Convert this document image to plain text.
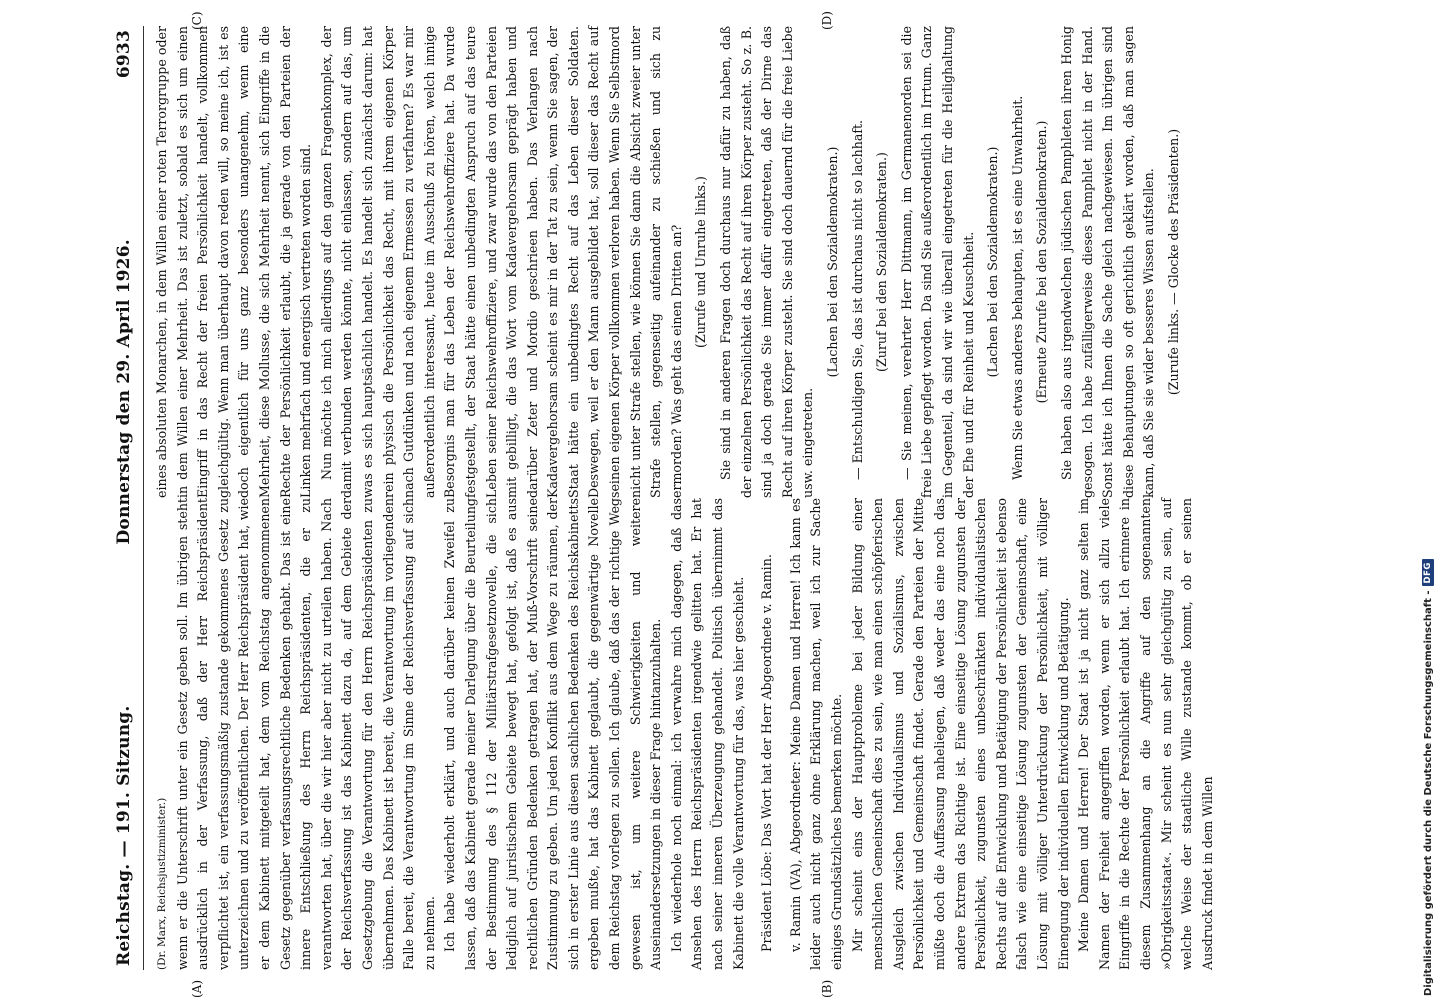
Reichstag. — 191. Sitzung.
Donnerstag den 29. April 1926.
6933

(Dr. Marx, Reichsjustizminister.) wenn er die Unterschrift unter ein Gesetz geben soll. Im übrigen steht ausdrücklich in der Verfassung, daß der Herr Reichspräsident verpflichtet ist, ein verfassungsmäßig zustande gekommenes Gesetz zu unterzeichnen und zu veröffentlichen. Der Herr Reichspräsident hat, wie er dem Kabinett mitgeteilt hat, dem vom Reichstag angenommenen Gesetz gegenüber verfassungsrechtliche Bedenken gehabt. Das ist eine innere Entschließung des Herrn Reichspräsidenten, die er zu verantworten hat, über die wir hier aber nicht zu urteilen haben. Nach der Reichsverfassung ist das Kabinett dazu da, auf dem Gebiete der Gesetzgebung die Verantwortung für den Herrn Reichspräsidenten zu übernehmen. Das Kabinett ist bereit, die Verantwortung im vorliegenden Falle bereit, die Verantwortung im Sinne der Reichsverfassung auf sich zu nehmen. Ich habe wiederholt erklärt, und auch darüber keinen Zweifel zu lassen, daß das Kabinett gerade meiner Darlegung über die Beurteilung der Bestimmung des § 112 der Militärstrafgesetznovelle, die sich lediglich auf juristischem Gebiete bewegt hat, gefolgt ist, daß es aus rechtlichen Gründen Bedenken getragen hat, der Muß-Vorschrift seine Zustimmung zu geben. Um jeden Konflikt aus dem Wege zu räumen, der sich in erster Linie aus diesen sachlichen Bedenken des Reichskabinetts ergeben mußte, hat das Kabinett geglaubt, die gegenwärtige Novelle dem Reichstag vorlegen zu sollen. Ich glaube, daß das der richtige Weg gewesen ist, um weitere Schwierigkeiten und weitere Auseinandersetzungen in dieser Frage hintanzuhalten. Ich wiederhole noch einmal: ich verwahre mich dagegen, daß das Ansehen des Herrn Reichspräsidenten irgendwie gelitten hat. Er hat nach seiner inneren Überzeugung gehandelt. Politisch übernimmt das Kabinett die volle Verantwortung für das, was hier geschieht. Präsident Löbe: Das Wort hat der Herr Abgeordnete v. Ramin. v. Ramin (VA), Abgeordneter: Meine Damen und Herren! Ich kann es leider auch nicht ganz ohne Erklärung machen, weil ich zur Sache einiges Grundsätzliches bemerken möchte. Mir scheint eins der Hauptprobleme bei jeder Bildung einer menschlichen Gemeinschaft dies zu sein, wie man einen schöpferischen Ausgleich zwischen Individualismus und Sozialismus, zwischen Persönlichkeit und Gemeinschaft findet. Gerade den Parteien der Mitte müßte doch die Auffassung naheliegen, daß weder das eine noch das andere Extrem das Richtige ist. Eine einseitige Lösung zugunsten der Persönlichkeit, zugunsten eines unbeschränkten individualistischen Rechts auf die Entwicklung und Betätigung der Persönlichkeit ist ebenso falsch wie eine einseitige Lösung zugunsten der Gemeinschaft, eine Lösung mit völliger Unterdrückung der Persönlichkeit, mit völliger Einengung der individuellen Entwicklung und Betätigung. Meine Damen und Herren! Der Staat ist ja nicht ganz selten im Namen der Freiheit angegriffen worden, wenn er sich allzu viele Eingriffe in die Rechte der Persönlichkeit erlaubt hat. Ich erinnere in diesem Zusammenhang an die Angriffe auf den sogenannten »Obrigkeitsstaat«. Mir scheint es nun sehr gleichgültig zu sein, auf welche Weise der staatliche Wille zustande kommt, ob er seinen Ausdruck findet in dem Willen

eines absoluten Monarchen, in dem Willen einer roten Terrorgruppe oder in dem Willen einer Mehrheit. Das ist zuletzt, sobald es sich um einen Eingriff in das Recht der freien Persönlichkeit handelt, vollkommen gleichgültig. Wenn man überhaupt davon reden will, so meine ich, ist es doch eigentlich für uns ganz besonders unangenehm, wenn eine Mehrheit, diese Mollusse, die sich Mehrheit nennt, sich Eingriffe in die Rechte der Persönlichkeit erlaubt, die ja gerade von den Parteien der Linken mehrfach und energisch vertreten worden sind. Nun möchte ich mich allerdings auf den ganzen Fragenkomplex, der damit verbunden werden könnte, nicht einlassen, sondern auf das, um was es sich hauptsächlich handelt. Es handelt sich zunächst darum: hat rein physisch die Persönlichkeit das Recht, mit ihrem eigenen Körper nach Gutdünken und nach eigenem Ermessen zu verfahren? Es war mir außerordentlich interessant, heute im Ausschuß zu hören, welch innige Besorgnis man für das Leben der Reichswehroffiziere hat. Da wurde festgestellt, der Staat hätte einen unbedingten Anspruch auf das teure Leben seiner Reichswehroffiziere, und zwar wurde das von den Parteien mit gebilligt, die das Wort vom Kadavergehorsam geprägt haben und darüber Zeter und Mordio geschrieen haben. Das Verlangen nach Kadavergehorsam scheint es mir in der Tat zu sein, wenn Sie sagen, der Staat hätte ein unbedingtes Recht auf das Leben dieser Soldaten. Deswegen, weil er den Mann ausgebildet hat, soll dieser das Recht auf seinen eigenen Körper vollkommen verloren haben. Wenn Sie Selbstmord nicht unter Strafe stellen, wie können Sie dann die Absicht zweier unter Strafe stellen, gegenseitig aufeinander zu schießen und sich zu ermorden? Was geht das einen Dritten an? (Zurufe und Unruhe links.) Sie sind in anderen Fragen doch durchaus nur dafür zu haben, daß der einzelnen Persönlichkeit das Recht auf ihren Körper zusteht. So z. B. sind ja doch gerade Sie immer dafür eingetreten, daß der Dirne das Recht auf ihren Körper zusteht. Sie sind doch dauernd für die freie Liebe usw. eingetreten.

(Lachen bei den Sozialdemokraten.) — Entschuldigen Sie, das ist durchaus nicht so lachhaft. (Zuruf bei den Sozialdemokraten.) — Sie meinen, verehrter Herr Dittmann, im Germanenorden sei die freie Liebe gepflegt worden. Da sind Sie außerordentlich im Irrtum. Ganz im Gegenteil, da sind wir wie überall eingetreten für die Heilighaltung der Ehe und für Reinheit und Keuschheit. (Lachen bei den Sozialdemokraten.) Wenn Sie etwas anderes behaupten, ist es eine Unwahrheit. (Erneute Zurufe bei den Sozialdemokraten.) Sie haben also aus irgendwelchen jüdischen Pamphleten ihren Honig gesogen. Ich habe zufälligerweise dieses Pamphlet nicht in der Hand. Sonst hätte ich Ihnen die Sache gleich nachgewiesen. Im übrigen sind diese Behauptungen so oft gerichtlich geklärt worden, daß man sagen kann, daß Sie sie wider besseres Wissen aufstellen. (Zurufe links. — Glocke des Präsidenten.)

(A)	(B)
(C)	(D)
Digitalisierung gefördert durch die Deutsche Forschungsgemeinschaft -
DFG
